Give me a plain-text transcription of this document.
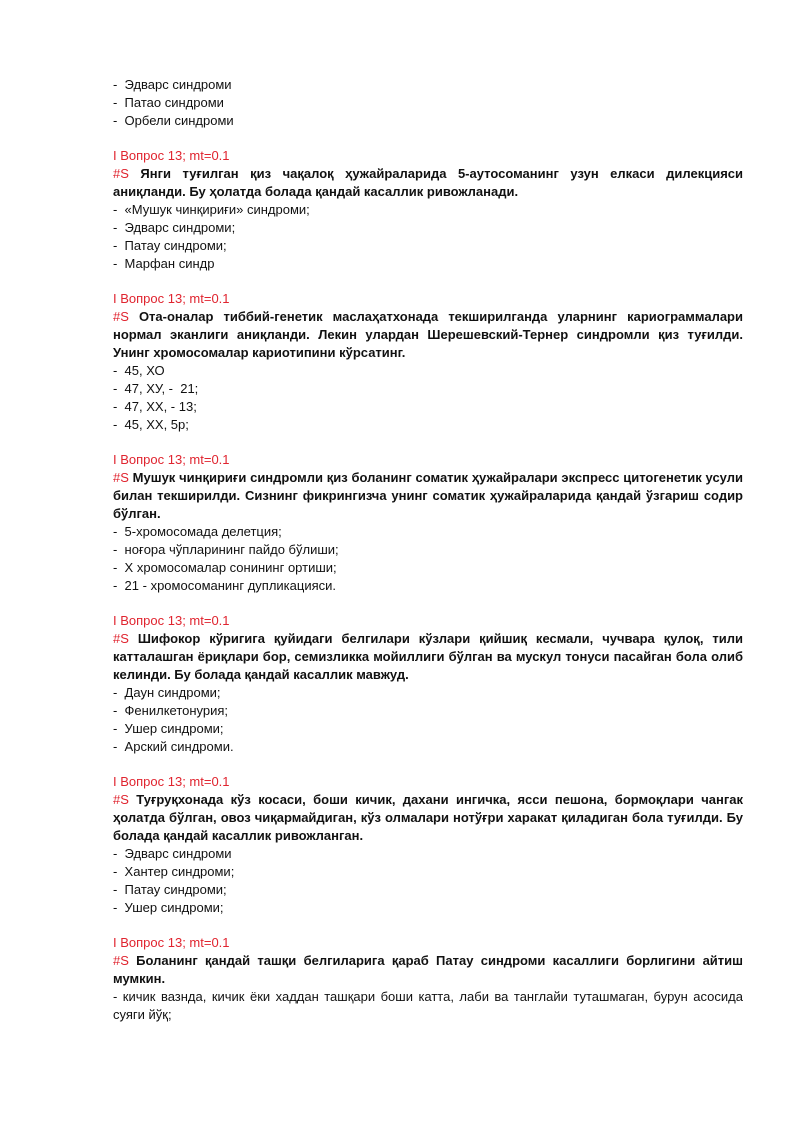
-  Эдварс синдроми

-  Патао синдроми

-  Орбели синдроми

I Вопрос 13; mt=0.1

#S Янги туғилган қиз чақалоқ ҳужайраларида 5-аутосоманинг узун елкаси дилекцияси аниқланди. Бу ҳолатда болада қандай касаллик ривожланади.

-  «Мушук чинқириғи» синдроми;

-  Эдварс синдроми;

-  Патау синдроми;

-  Марфан синдр

I Вопрос 13; mt=0.1

#S Ота-оналар тиббий-генетик маслаҳатхонада текширилганда уларнинг кариограммалари нормал эканлиги аниқланди. Лекин улардан Шерешевский-Тернер синдромли қиз туғилди. Унинг хромосомалар кариотипини кўрсатинг.

-  45, ХО

-  47, ХУ, -  21;

-  47, ХХ, - 13;

-  45, ХХ, 5р;

I Вопрос 13; mt=0.1

#S Мушук чинқириғи синдромли қиз боланинг соматик ҳужайралари экспресс цитогенетик усули билан текширилди. Сизнинг фикрингизча унинг соматик ҳужайраларида қандай ўзгариш содир бўлган.

-  5-хромосомада делетция;

-  ноғора чўпларининг пайдо бўлиши;

-  Х хромосомалар сонининг ортиши;

-  21 - хромосоманинг дупликацияси.

I Вопрос 13; mt=0.1

#S Шифокор кўригига қуйидаги белгилари кўзлари қийшиқ кесмали, чучвара қулоқ, тили катталашган ёриқлари бор, семизликка мойиллиги бўлган ва мускул тонуси пасайган бола олиб келинди. Бу болада қандай касаллик мавжуд.

-  Даун синдроми;

-  Фенилкетонурия;

-  Ушер синдроми;

-  Арский синдроми.

I Вопрос 13; mt=0.1

#S Туғруқхонада кўз косаси, боши кичик, дахани ингичка, ясси пешона, бормоқлари чангак ҳолатда бўлган, овоз чиқармайдиган, кўз олмалари нотўғри харакат қиладиган бола туғилди. Бу болада қандай касаллик ривожланган.

-  Эдварс синдроми

-  Хантер синдроми;

-  Патау синдроми;

-  Ушер синдроми;

I Вопрос 13; mt=0.1

#S Боланинг қандай ташқи белгиларига қараб Патау синдроми касаллиги борлигини айтиш мумкин.

- кичик вазнда, кичик ёки хаддан ташқари боши катта, лаби ва танглайи туташмаган, бурун асосида суяги йўқ;
